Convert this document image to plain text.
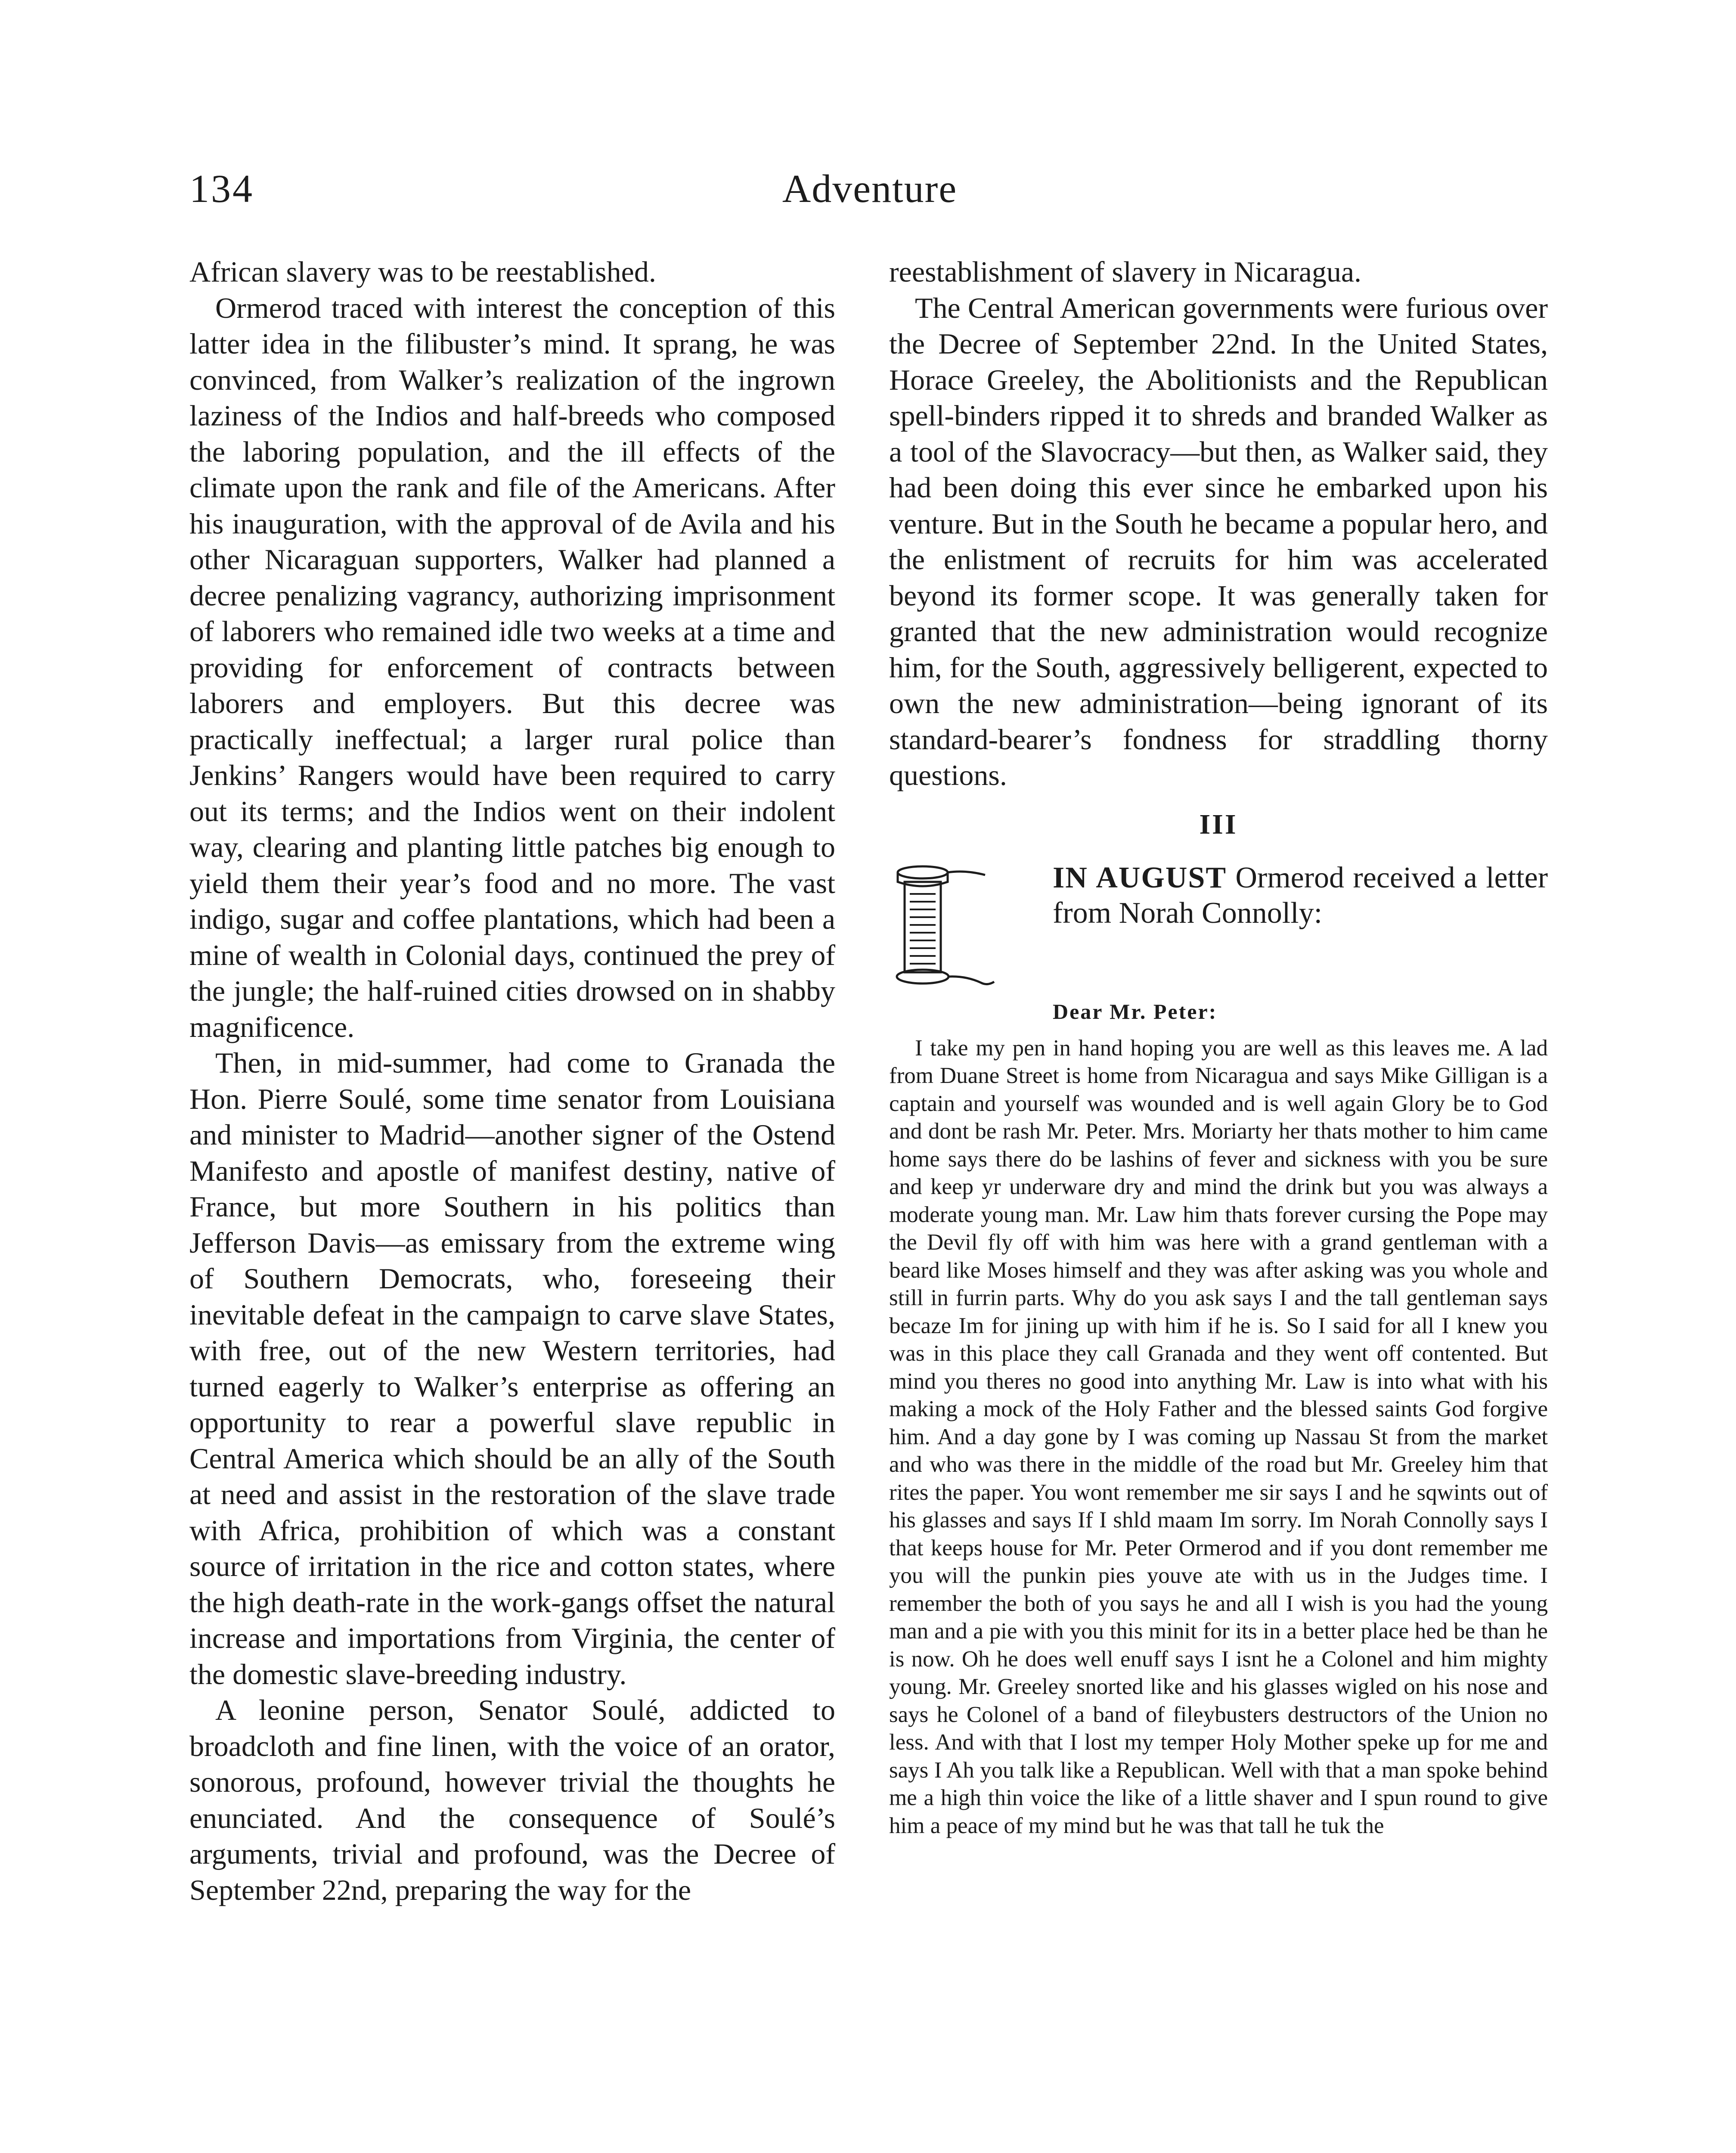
134	Adventure

African slavery was to be reestablished.

Ormerod traced with interest the conception of this latter idea in the filibuster’s mind. It sprang, he was convinced, from Walker’s realization of the ingrown laziness of the Indios and half-breeds who composed the laboring population, and the ill effects of the climate upon the rank and file of the Americans. After his inauguration, with the approval of de Avila and his other Nicaraguan supporters, Walker had planned a decree penalizing vagrancy, authorizing imprisonment of laborers who remained idle two weeks at a time and providing for enforcement of contracts between laborers and employers. But this decree was practically ineffectual; a larger rural police than Jenkins’ Rangers would have been required to carry out its terms; and the Indios went on their indolent way, clearing and planting little patches big enough to yield them their year’s food and no more. The vast indigo, sugar and coffee plantations, which had been a mine of wealth in Colonial days, continued the prey of the jungle; the half-ruined cities drowsed on in shabby magnificence.

Then, in mid-summer, had come to Granada the Hon. Pierre Soulé, some time senator from Louisiana and minister to Madrid—another signer of the Ostend Manifesto and apostle of manifest destiny, native of France, but more Southern in his politics than Jefferson Davis—as emissary from the extreme wing of Southern Democrats, who, foreseeing their inevitable defeat in the campaign to carve slave States, with free, out of the new Western territories, had turned eagerly to Walker’s enterprise as offering an opportunity to rear a powerful slave republic in Central America which should be an ally of the South at need and assist in the restoration of the slave trade with Africa, prohibition of which was a constant source of irritation in the rice and cotton states, where the high death-rate in the work-gangs offset the natural increase and importations from Virginia, the center of the domestic slave-breeding industry.

A leonine person, Senator Soulé, addicted to broadcloth and fine linen, with the voice of an orator, sonorous, profound, however trivial the thoughts he enunciated. And the consequence of Soulé’s arguments, trivial and profound, was the Decree of September 22nd, preparing the way for the

reestablishment of slavery in Nicaragua.

The Central American governments were furious over the Decree of September 22nd. In the United States, Horace Greeley, the Abolitionists and the Republican spell-binders ripped it to shreds and branded Walker as a tool of the Slavocracy—but then, as Walker said, they had been doing this ever since he embarked upon his venture. But in the South he became a popular hero, and the enlistment of recruits for him was accelerated beyond its former scope. It was generally taken for granted that the new administration would recognize him, for the South, aggressively belligerent, expected to own the new administration—being ignorant of its standard-bearer’s fondness for straddling thorny questions.

III
IN AUGUST Ormerod received a letter from Norah Connolly:
Dear Mr. Peter:

I take my pen in hand hoping you are well as this leaves me. A lad from Duane Street is home from Nicaragua and says Mike Gilligan is a captain and yourself was wounded and is well again Glory be to God and dont be rash Mr. Peter. Mrs. Moriarty her thats mother to him came home says there do be lashins of fever and sickness with you be sure and keep yr underware dry and mind the drink but you was always a moderate young man. Mr. Law him thats forever cursing the Pope may the Devil fly off with him was here with a grand gentleman with a beard like Moses himself and they was after asking was you whole and still in furrin parts. Why do you ask says I and the tall gentleman says becaze Im for jining up with him if he is. So I said for all I knew you was in this place they call Granada and they went off contented. But mind you theres no good into anything Mr. Law is into what with his making a mock of the Holy Father and the blessed saints God forgive him. And a day gone by I was coming up Nassau St from the market and who was there in the middle of the road but Mr. Greeley him that rites the paper. You wont remember me sir says I and he sqwints out of his glasses and says If I shld maam Im sorry. Im Norah Connolly says I that keeps house for Mr. Peter Ormerod and if you dont remember me you will the punkin pies youve ate with us in the Judges time. I remember the both of you says he and all I wish is you had the young man and a pie with you this minit for its in a better place hed be than he is now. Oh he does well enuff says I isnt he a Colonel and him mighty young. Mr. Greeley snorted like and his glasses wigled on his nose and says he Colonel of a band of fileybusters destructors of the Union no less. And with that I lost my temper Holy Mother speke up for me and says I Ah you talk like a Republican. Well with that a man spoke behind me a high thin voice the like of a little shaver and I spun round to give him a peace of my mind but he was that tall he tuk the
